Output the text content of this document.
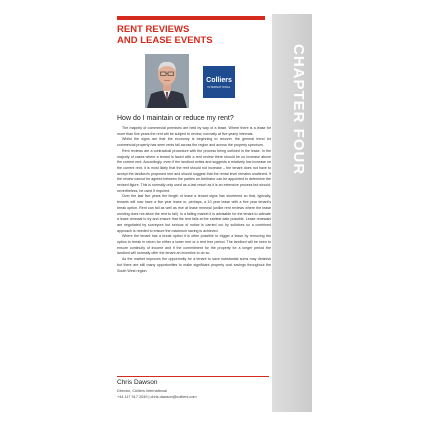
CHAPTER FOUR
RENT REVIEWS
AND LEASE EVENTS
Colliers
INTERNATIONAL
How do I maintain or reduce my rent?

The majority of commercial premises are held by way of a lease. Where there is a lease for more than five years the rent will be subject to review, normally at five yearly intervals.

Whilst the signs are that the economy is beginning to recover, the general trend for commercial property has seen rents fall across the region and across the property spectrum.

Rent reviews are a contractual procedure with the process being outlined in the lease. In the majority of cases where a tenant is faced with a rent review there should be no increase above the current rent. Accordingly, even if the landlord writes and suggests a relatively low increase on the current rent, it is most likely that the rent should not increase – the tenant does not have to accept the landlord's proposed rent and should suggest that the rental level remains unaltered. If the review cannot be agreed between the parties an Arbitrator can be appointed to determine the revised figure. This is normally only used as a last resort as it is an extensive process but should, nevertheless, be used if required.

Over the last five years the length of lease a tenant signs has shortened so that, typically, tenants will now have a five year lease or, perhaps, a 10 year lease with a five year tenant's break option. Rent can fall as well as rise at lease renewal (unlike rent reviews where the lease wording does not allow the rent to fall). In a falling market it is advisable for the tenant to activate a lease renewal to try and ensure that the rent falls at the earliest date possible. Lease renewals are negotiated by surveyors but serious of notice is carried out by solicitors so a combined approach is needed to ensure the maximum saving is achieved.

Where the tenant has a break option it is often possible to trigger a lease by removing the option to break in return for either a lower rent or a rent free period. The landlord will be keen to ensure continuity of income and if the commitment for the property for a longer period the landlord will normally offer the tenant an incentive to do so.

As the market improves the opportunity for a tenant to save substantial sums may diminish but there are still many opportunities to make significant property cost savings throughout the South West region.

Chris Dawson
Director, Colliers International
+44 117 917 2049 | chris.dawson@colliers.com
